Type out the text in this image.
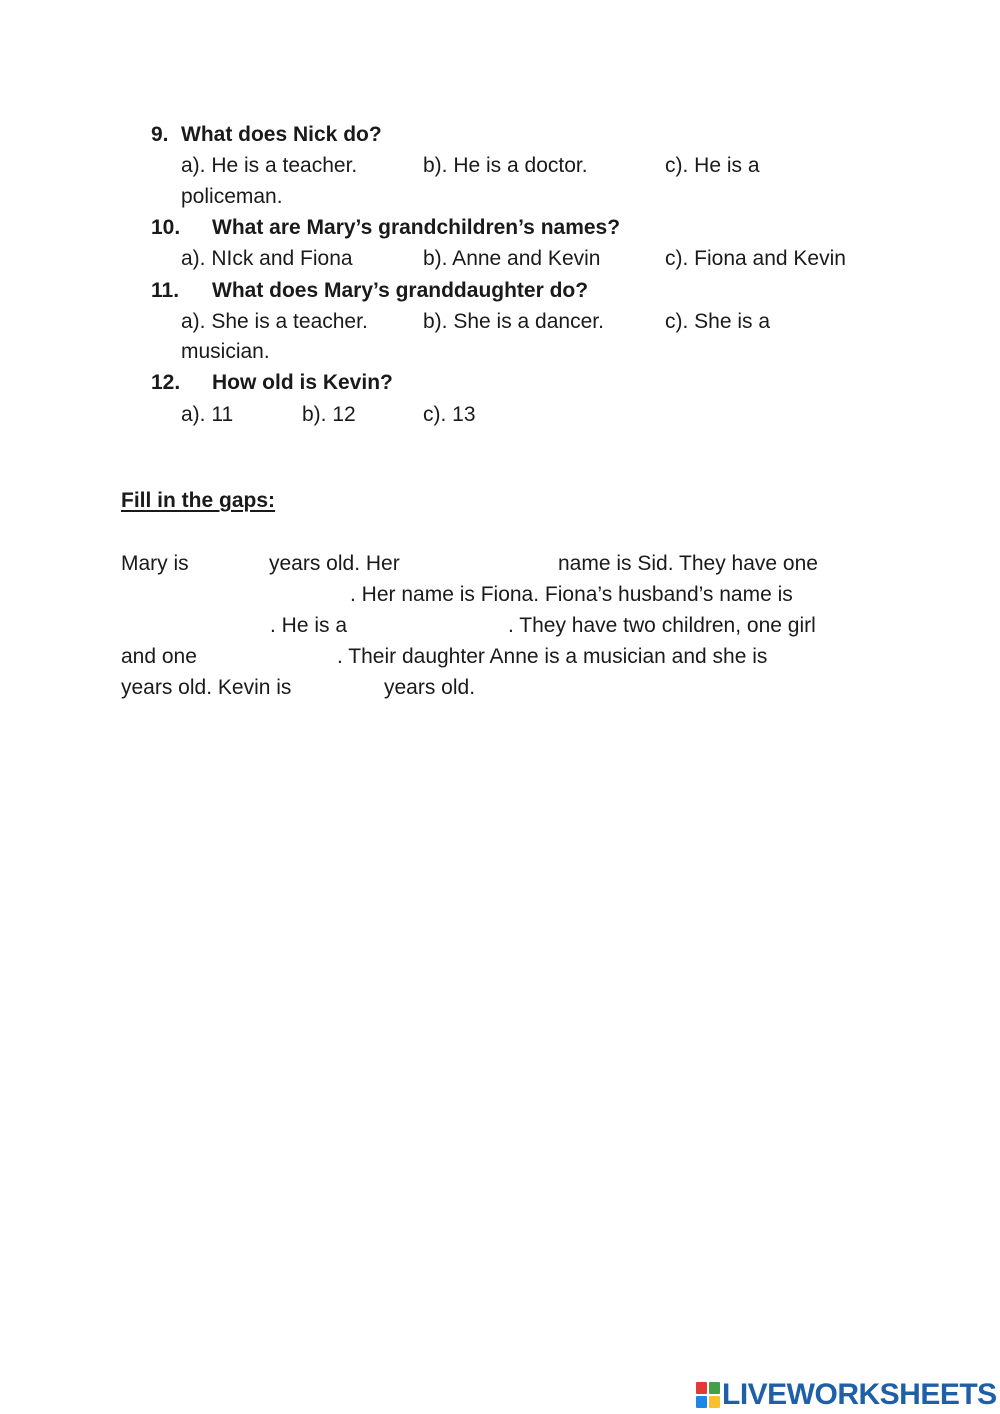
9. What does Nick do?
a). He is a teacher.	b). He is a doctor.	c). He is a
policeman.
10. What are Mary’s grandchildren’s names?
a). NIck and Fiona	b). Anne and Kevin	c). Fiona and Kevin
11. What does Mary’s granddaughter do?
a). She is a teacher.	b). She is a dancer.	c). She is a
musician.
12. How old is Kevin?
a). 11	b). 12	c). 13
Fill in the gaps:
Mary is	years old. Her	name is Sid. They have one
. Her name is Fiona. Fiona’s husband’s name is
. He is a	. They have two children, one girl
and one	. Their daughter Anne is a musician and she is
years old. Kevin is	years old.
LIVEWORKSHEETS
